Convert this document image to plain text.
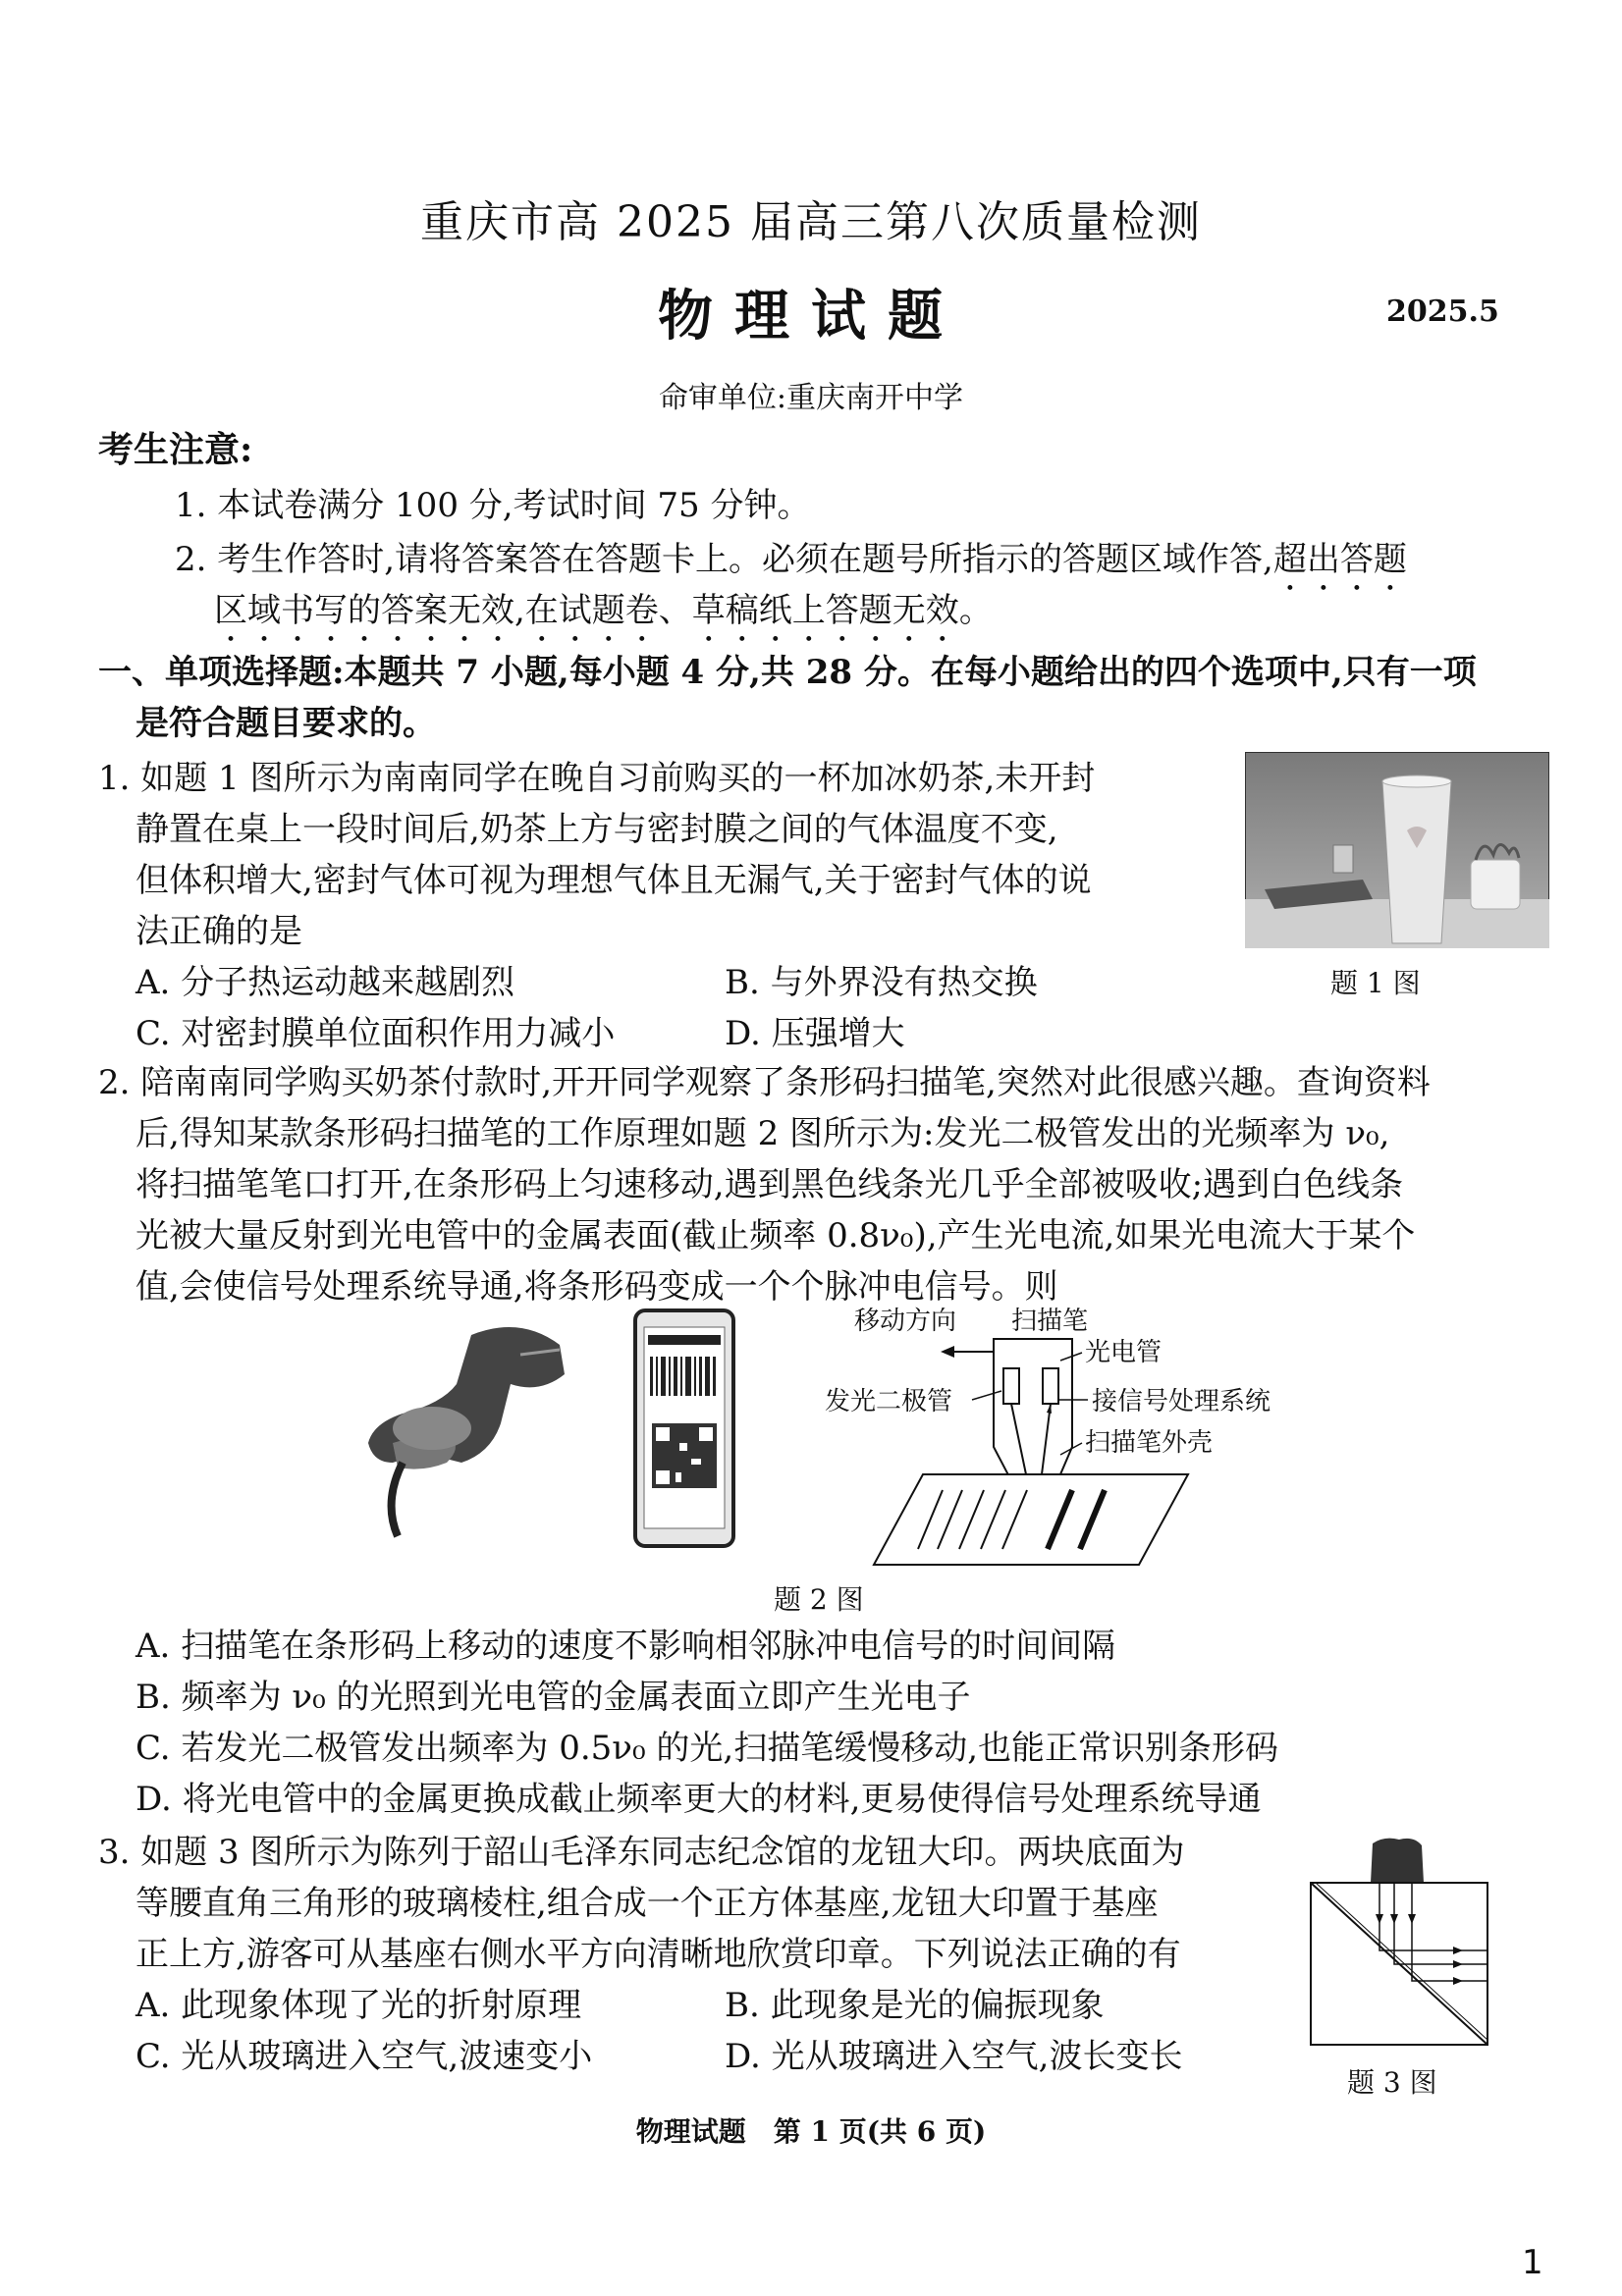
重庆市高 2025 届高三第八次质量检测
物理试题	2025.5
命审单位:重庆南开中学
考生注意:
1. 本试卷满分 100 分,考试时间 75 分钟。
2. 考生作答时,请将答案答在答题卡上。必须在题号所指示的答题区域作答,超出答题
区域书写的答案无效,在试题卷、草稿纸上答题无效。
一、单项选择题:本题共 7 小题,每小题 4 分,共 28 分。在每小题给出的四个选项中,只有一项
是符合题目要求的。
1. 如题 1 图所示为南南同学在晚自习前购买的一杯加冰奶茶,未开封
静置在桌上一段时间后,奶茶上方与密封膜之间的气体温度不变,
但体积增大,密封气体可视为理想气体且无漏气,关于密封气体的说
法正确的是
A. 分子热运动越来越剧烈	B. 与外界没有热交换
C. 对密封膜单位面积作用力减小	D. 压强增大
题 1 图
2. 陪南南同学购买奶茶付款时,开开同学观察了条形码扫描笔,突然对此很感兴趣。查询资料
后,得知某款条形码扫描笔的工作原理如题 2 图所示为:发光二极管发出的光频率为 ν₀,
将扫描笔笔口打开,在条形码上匀速移动,遇到黑色线条光几乎全部被吸收;遇到白色线条
光被大量反射到光电管中的金属表面(截止频率 0.8ν₀),产生光电流,如果光电流大于某个
值,会使信号处理系统导通,将条形码变成一个个脉冲电信号。则
移动方向 扫描笔
光电管
发光二极管	接信号处理系统
扫描笔外壳
题 2 图
A. 扫描笔在条形码上移动的速度不影响相邻脉冲电信号的时间间隔
B. 频率为 ν₀ 的光照到光电管的金属表面立即产生光电子
C. 若发光二极管发出频率为 0.5ν₀ 的光,扫描笔缓慢移动,也能正常识别条形码
D. 将光电管中的金属更换成截止频率更大的材料,更易使得信号处理系统导通
3. 如题 3 图所示为陈列于韶山毛泽东同志纪念馆的龙钮大印。两块底面为
等腰直角三角形的玻璃棱柱,组合成一个正方体基座,龙钮大印置于基座
正上方,游客可从基座右侧水平方向清晰地欣赏印章。下列说法正确的有
A. 此现象体现了光的折射原理	B. 此现象是光的偏振现象
C. 光从玻璃进入空气,波速变小	D. 光从玻璃进入空气,波长变长
题 3 图
物理试题　第 1 页(共 6 页)
1
